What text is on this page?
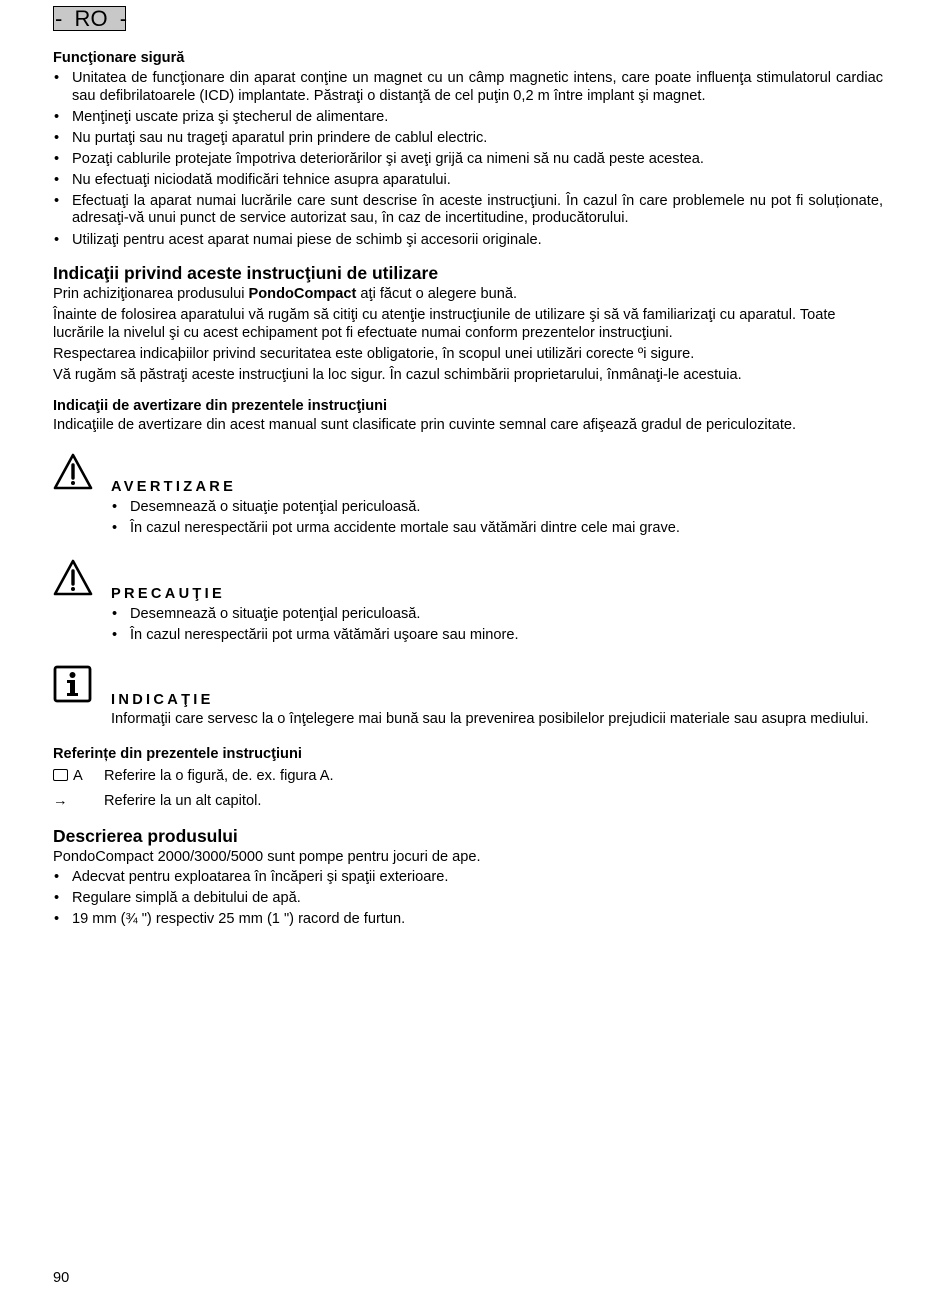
-  RO  -

Funcţionare sigură

• Unitatea de funcţionare din aparat conţine un magnet cu un câmp magnetic intens, care poate influenţa stimulatorul cardiac sau defibrilatoarele (ICD) implantate. Păstraţi o distanţă de cel puţin 0,2 m între implant şi magnet.
• Menţineţi uscate priza şi ştecherul de alimentare.
• Nu purtaţi sau nu trageţi aparatul prin prindere de cablul electric.
• Pozaţi cablurile protejate împotriva deteriorărilor şi aveţi grijă ca nimeni să nu cadă peste acestea.
• Nu efectuaţi niciodată modificări tehnice asupra aparatului.
• Efectuaţi la aparat numai lucrările care sunt descrise în aceste instrucţiuni. În cazul în care problemele nu pot fi soluționate, adresaţi-vă unui punct de service autorizat sau, în caz de incertitudine, producătorului.
• Utilizaţi pentru acest aparat numai piese de schimb şi accesorii originale.

Indicaţii privind aceste instrucţiuni de utilizare

Prin achiziţionarea produsului PondoCompact aţi făcut o alegere bună.

Înainte de folosirea aparatului vă rugăm să citiţi cu atenţie instrucţiunile de utilizare şi să vă familiarizaţi cu aparatul. Toate lucrările la nivelul şi cu acest echipament pot fi efectuate numai conform prezentelor instrucţiuni.

Respectarea indicaþiilor privind securitatea este obligatorie, în scopul unei utilizări corecte ºi sigure.

Vă rugăm să păstraţi aceste instrucţiuni la loc sigur. În cazul schimbării proprietarului, înmânaţi-le acestuia.

Indicaţii de avertizare din prezentele instrucţiuni

Indicaţiile de avertizare din acest manual sunt clasificate prin cuvinte semnal care afişează gradul de periculozitate.

AVERTIZARE

• Desemnează o situaţie potenţial periculoasă.
• În cazul nerespectării pot urma accidente mortale sau vătămări dintre cele mai grave.

PRECAUŢIE

• Desemnează o situaţie potenţial periculoasă.
• În cazul nerespectării pot urma vătămări uşoare sau minore.

INDICAŢIE

Informaţii care servesc la o înţelegere mai bună sau la prevenirea posibilelor prejudicii materiale sau asupra mediului.

Referințe din prezentele instrucţiuni

A Referire la o figură, de. ex. figura A.
→ Referire la un alt capitol.

Descrierea produsului

PondoCompact 2000/3000/5000 sunt pompe pentru jocuri de ape.

• Adecvat pentru exploatarea în încăperi şi spaţii exterioare.
• Regulare simplă a debitului de apă.
• 19 mm (¾ ") respectiv 25 mm (1 ") racord de furtun.
90
